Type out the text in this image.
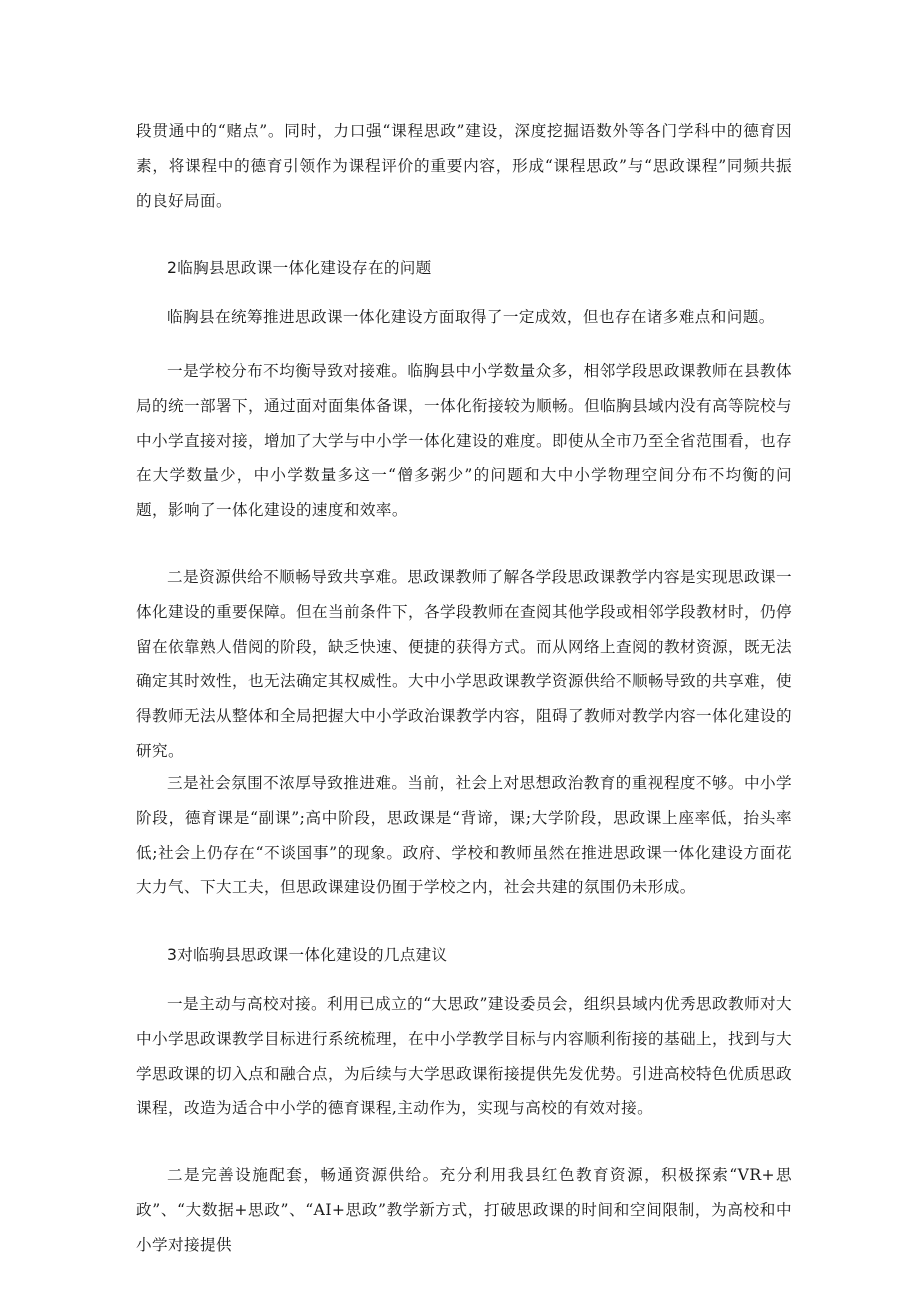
段贯通中的“赌点”。同时，力口强“课程思政”建设，深度挖掘语数外等各门学科中的德育因素，将课程中的德育引领作为课程评价的重要内容，形成“课程思政”与“思政课程”同频共振的良好局面。

2临胸县思政课一体化建设存在的问题

临胸县在统筹推进思政课一体化建设方面取得了一定成效，但也存在诸多难点和问题。

一是学校分布不均衡导致对接难。临胸县中小学数量众多，相邻学段思政课教师在县教体局的统一部署下，通过面对面集体备课，一体化衔接较为顺畅。但临胸县域内没有高等院校与中小学直接对接，增加了大学与中小学一体化建设的难度。即使从全市乃至全省范围看，也存在大学数量少，中小学数量多这一“僧多粥少”的问题和大中小学物理空间分布不均衡的问题，影响了一体化建设的速度和效率。

二是资源供给不顺畅导致共享难。思政课教师了解各学段思政课教学内容是实现思政课一体化建设的重要保障。但在当前条件下，各学段教师在查阅其他学段或相邻学段教材时，仍停留在依靠熟人借阅的阶段，缺乏快速、便捷的获得方式。而从网络上查阅的教材资源，既无法确定其时效性，也无法确定其权威性。大中小学思政课教学资源供给不顺畅导致的共享难，使得教师无法从整体和全局把握大中小学政治课教学内容，阻碍了教师对教学内容一体化建设的研究。

三是社会氛围不浓厚导致推进难。当前，社会上对思想政治教育的重视程度不够。中小学阶段，德育课是“副课”;高中阶段，思政课是“背谛，课;大学阶段，思政课上座率低，抬头率低;社会上仍存在“不谈国事”的现象。政府、学校和教师虽然在推进思政课一体化建设方面花大力气、下大工夫，但思政课建设仍囿于学校之内，社会共建的氛围仍未形成。

3对临驹县思政课一体化建设的几点建议

一是主动与高校对接。利用已成立的“大思政”建设委员会，组织县域内优秀思政教师对大中小学思政课教学目标进行系统梳理，在中小学教学目标与内容顺利衔接的基础上，找到与大学思政课的切入点和融合点，为后续与大学思政课衔接提供先发优势。引进高校特色优质思政课程，改造为适合中小学的德育课程,主动作为，实现与高校的有效对接。

二是完善设施配套，畅通资源供给。充分利用我县红色教育资源，积极探索“VR+思政”、“大数据+思政”、“AI+思政”教学新方式，打破思政课的时间和空间限制，为高校和中小学对接提供
